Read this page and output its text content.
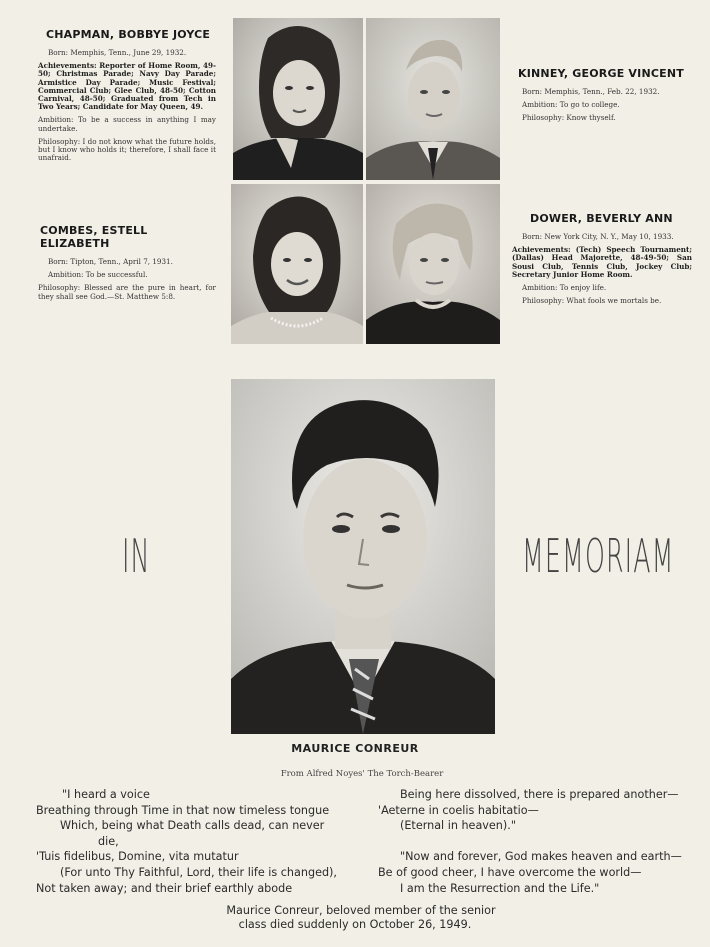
CHAPMAN, BOBBYE JOYCE

Born: Memphis, Tenn., June 29, 1932.

Achievements: Reporter of Home Room, 49-50; Christmas Parade; Navy Day Parade; Armistice Day Parade; Music Festival; Commercial Club; Glee Club, 48-50; Cotton Carnival, 48-50; Graduated from Tech in Two Years; Candidate for May Queen, 49.

Ambition: To be a success in anything I may undertake.

Philosophy: I do not know what the future holds, but I know who holds it; therefore, I shall face it unafraid.

COMBES, ESTELL ELIZABETH

Born: Tipton, Tenn., April 7, 1931.

Ambition: To be successful.

Philosophy: Blessed are the pure in heart, for they shall see God.—St. Matthew 5:8.

KINNEY, GEORGE VINCENT

Born: Memphis, Tenn., Feb. 22, 1932.

Ambition: To go to college.

Philosophy: Know thyself.

DOWER, BEVERLY ANN

Born: New York City, N. Y., May 10, 1933.

Achievements: (Tech) Speech Tournament; (Dallas) Head Majorette, 48-49-50; San Sousi Club, Tennis Club, Jockey Club; Secretary Junior Home Room.

Ambition: To enjoy life.

Philosophy: What fools we mortals be.

IN	MEMORIAM
MAURICE CONREUR
From Alfred Noyes' The Torch-Bearer
"I heard a voice
Breathing through Time in that now timeless tongue
Which, being what Death calls dead, can never
die,
'Tuis fidelibus, Domine, vita mutatur
(For unto Thy Faithful, Lord, their life is changed),
Not taken away; and their brief earthly abode
Being here dissolved, there is prepared another—
'Aeterne in coelis habitatio—
(Eternal in heaven)."
"Now and forever, God makes heaven and earth—
Be of good cheer, I have overcome the world—
I am the Resurrection and the Life."
Maurice Conreur, beloved member of the senior
class died suddenly on October 26, 1949.
